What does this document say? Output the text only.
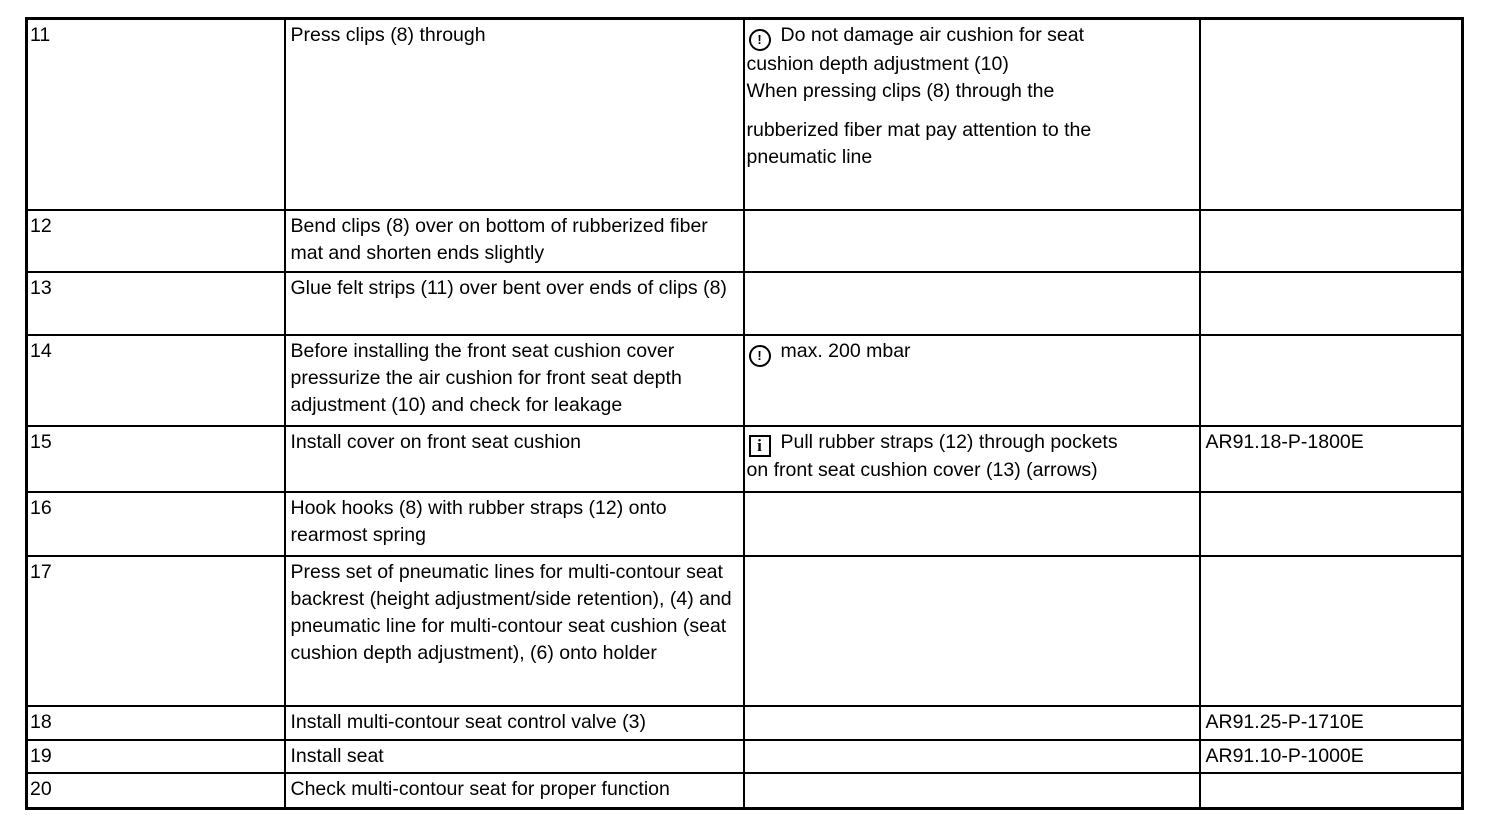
11	Press clips (8) through	! Do not damage air cushion for seat
cushion depth adjustment (10)
When pressing clips (8) through the
rubberized fiber mat pay attention to the
pneumatic line	

12	Bend clips (8) over on bottom of rubberized fiber mat and shorten ends slightly		
13	Glue felt strips (11) over bent over ends of clips (8)		
14	Before installing the front seat cushion cover pressurize the air cushion for front seat depth adjustment (10) and check for leakage	! max. 200 mbar	

15	Install cover on front seat cushion	i Pull rubber straps (12) through pockets
on front seat cushion cover (13) (arrows)	AR91.18-P-1800E
16	Hook hooks (8) with rubber straps (12) onto rearmost spring		
17	Press set of pneumatic lines for multi-contour seat backrest (height adjustment/side retention), (4) and pneumatic line for multi-contour seat cushion (seat cushion depth adjustment), (6) onto holder		
18	Install multi-contour seat control valve (3)		AR91.25-P-1710E
19	Install seat		AR91.10-P-1000E
20	Check multi-contour seat for proper function		
